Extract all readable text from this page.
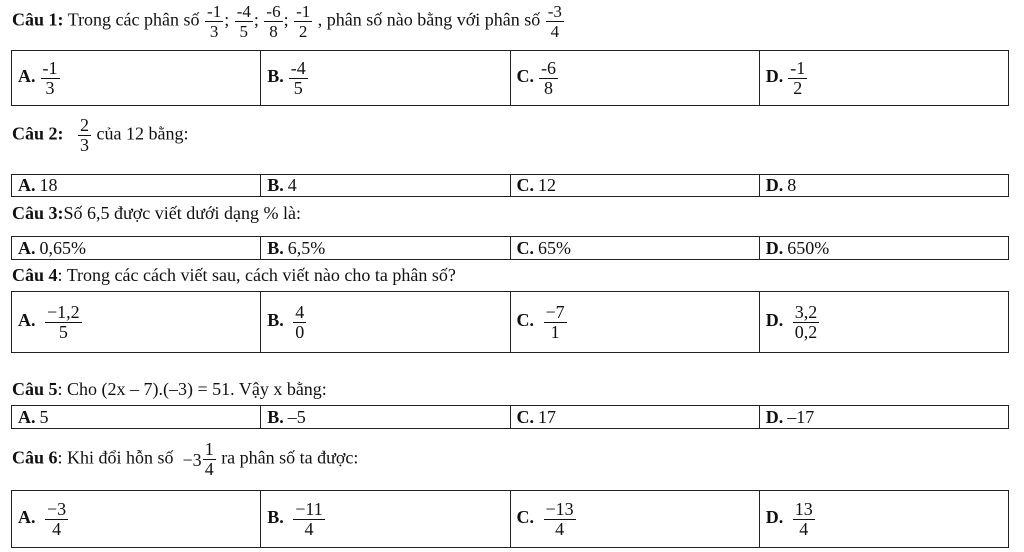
Câu 1: Trong các phân số $\frac{-1}{3}$ ; $\frac{-4}{5}$ ; $\frac{-6}{8}$ ; $\frac{-1}{2}$ , phân số nào bằng với phân số $\frac{-3}{4}$
A. $\frac{-1}{3}$	B. $\frac{-4}{5}$	C. $\frac{-6}{8}$	D. $\frac{-1}{2}$
Câu 2: $\frac{2}{3}$ của 12 bằng:
A. 18	B. 4	C. 12	D. 8
Câu 3:Số 6,5 được viết dưới dạng % là:
A. 0,65%	B. 6,5%	C. 65%	D. 650%
Câu 4: Trong các cách viết sau, cách viết nào cho ta phân số?
A. $\frac{-1,2}{5}$	B. $\frac{4}{0}$	C. $\frac{-7}{1}$	D. $\frac{3,2}{0,2}$
Câu 5: Cho (2x – 7).(–3) = 51. Vậy x bằng:
A. 5	B. –5	C. 17	D. –17
Câu 6: Khi đổi hỗn số $-3 \frac{1}{4}$ ra phân số ta được:
A. $\frac{-3}{4}$	B. $\frac{-11}{4}$	C. $\frac{-13}{4}$	D. $\frac{13}{4}$
